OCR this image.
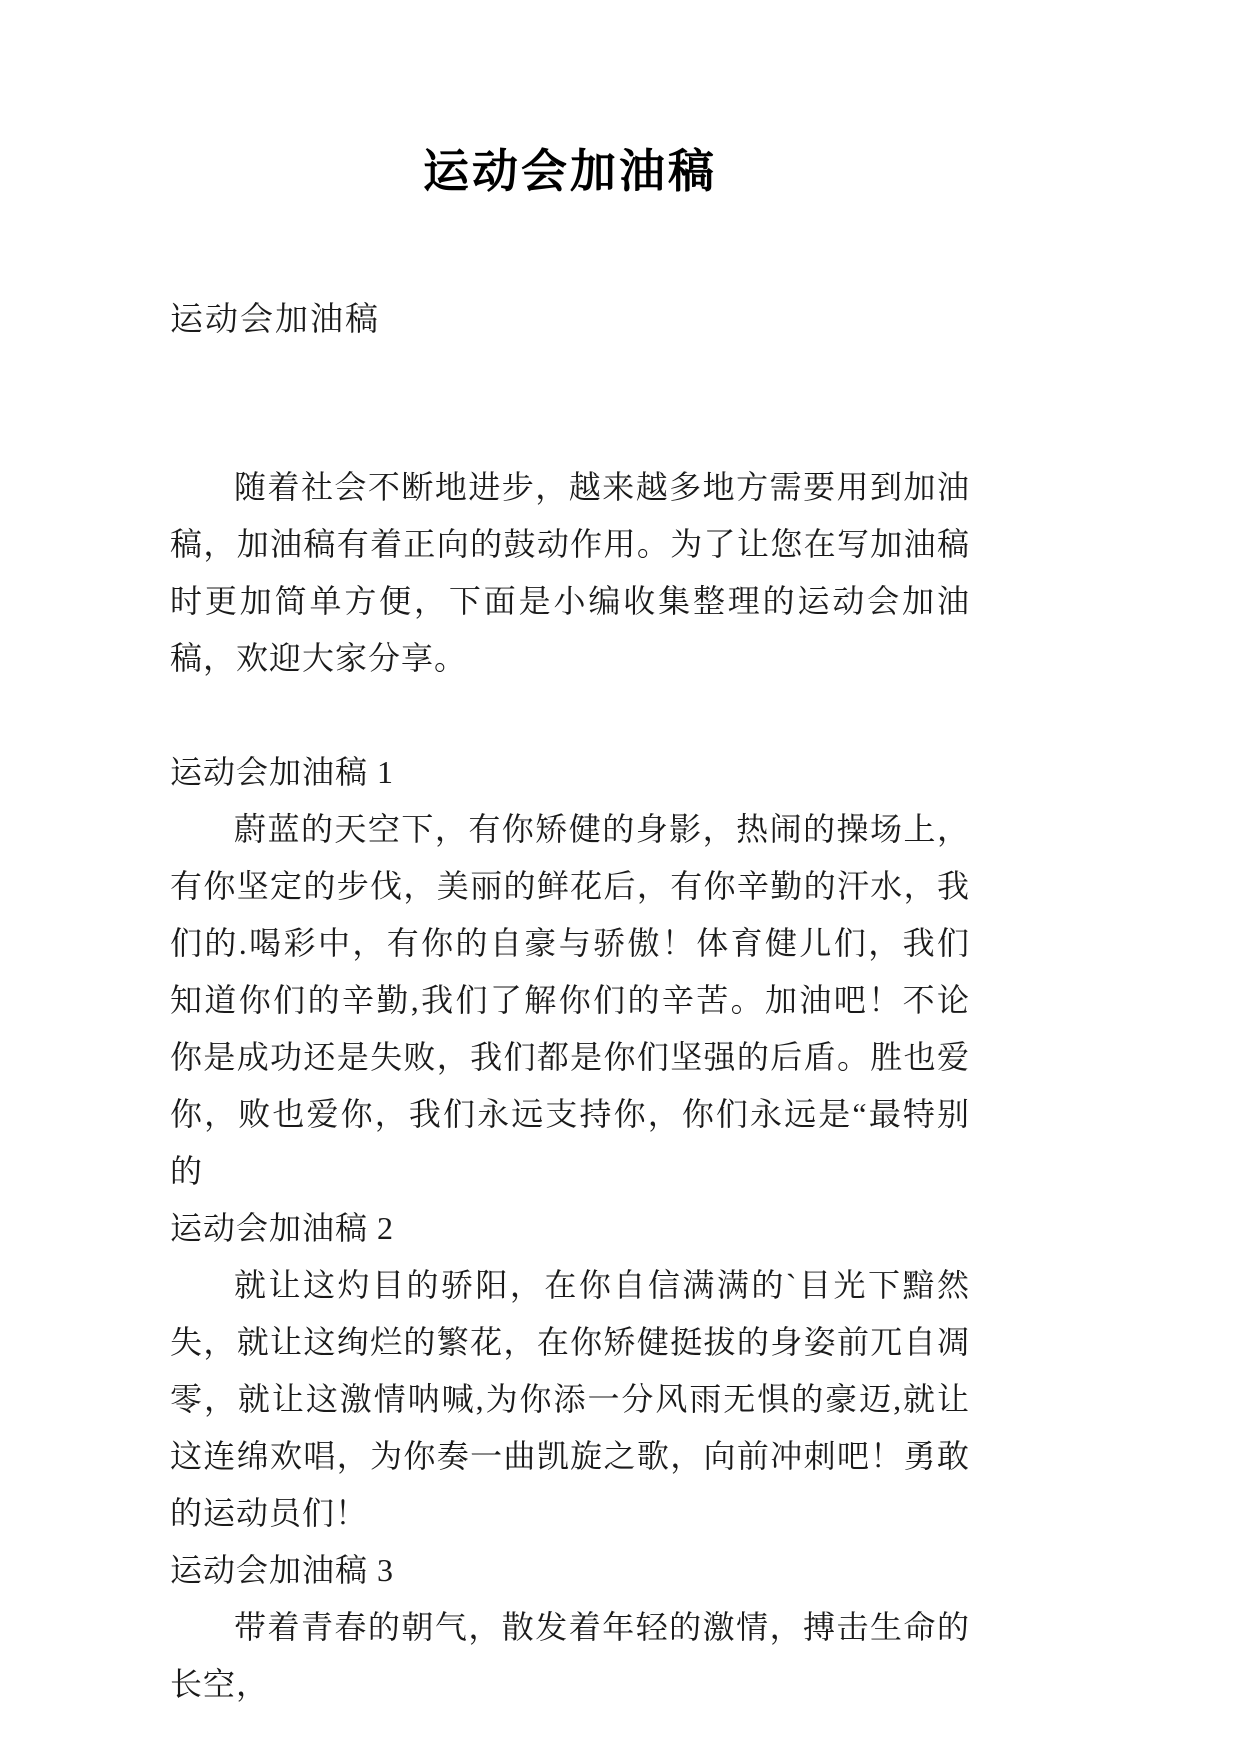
运动会加油稿

运动会加油稿

随着社会不断地进步，越来越多地方需要用到加油稿，加油稿有着正向的鼓动作用。为了让您在写加油稿时更加简单方便，下面是小编收集整理的运动会加油稿，欢迎大家分享。

运动会加油稿 1

蔚蓝的天空下，有你矫健的身影，热闹的操场上，有你坚定的步伐，美丽的鲜花后，有你辛勤的汗水，我们的.喝彩中，有你的自豪与骄傲！体育健儿们，我们知道你们的辛勤,我们了解你们的辛苦。加油吧！不论你是成功还是失败，我们都是你们坚强的后盾。胜也爱你，败也爱你，我们永远支持你，你们永远是“最特别的

运动会加油稿 2

就让这灼目的骄阳，在你自信满满的`目光下黯然失，就让这绚烂的繁花，在你矫健挺拔的身姿前兀自凋零，就让这激情呐喊,为你添一分风雨无惧的豪迈,就让这连绵欢唱，为你奏一曲凯旋之歌，向前冲刺吧！勇敢的运动员们！

运动会加油稿 3

带着青春的朝气，散发着年轻的激情，搏击生命的长空，
